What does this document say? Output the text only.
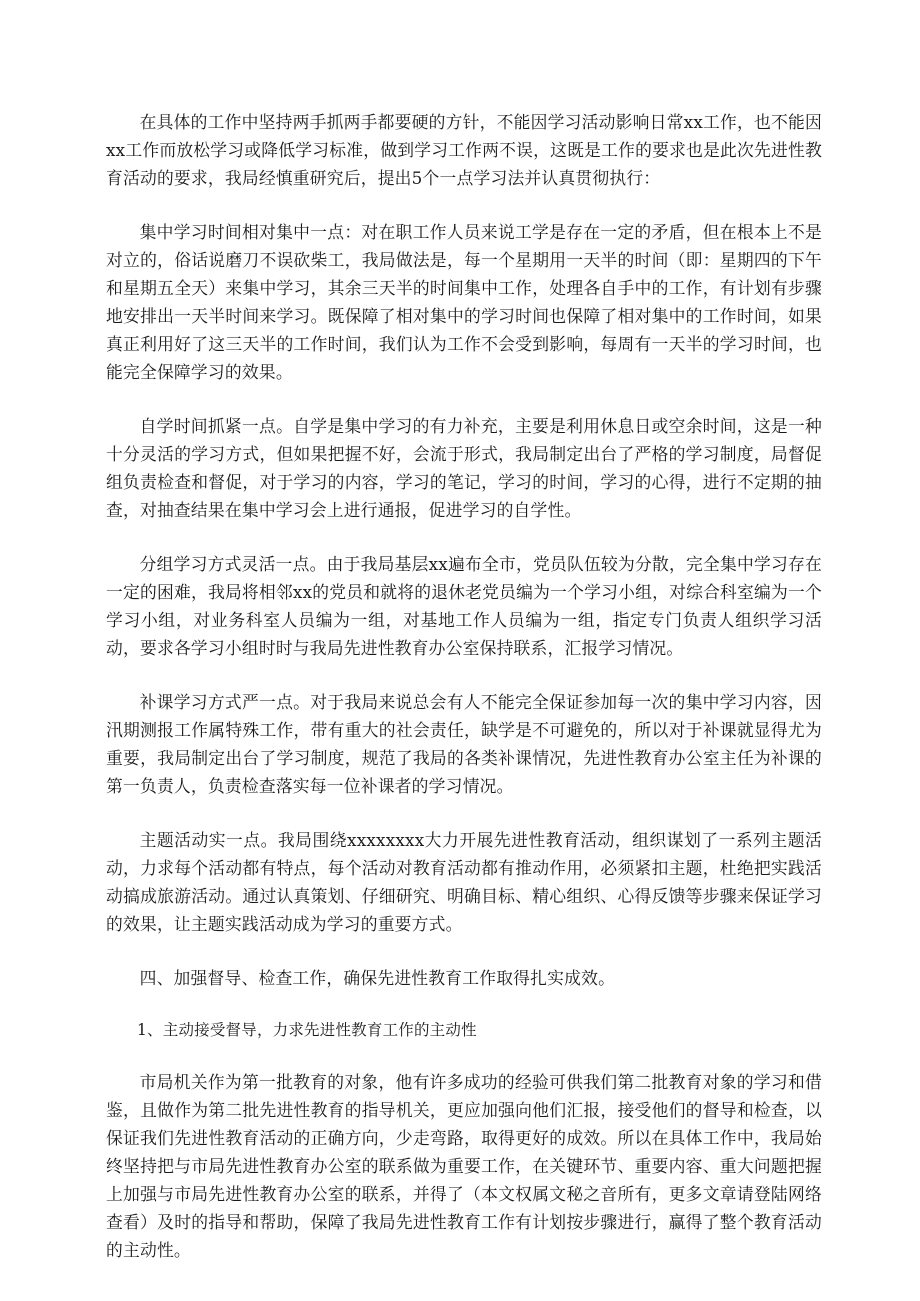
在具体的工作中坚持两手抓两手都要硬的方针，不能因学习活动影响日常xx工作，也不能因xx工作而放松学习或降低学习标准，做到学习工作两不误，这既是工作的要求也是此次先进性教育活动的要求，我局经慎重研究后，提出5个一点学习法并认真贯彻执行：

集中学习时间相对集中一点：对在职工作人员来说工学是存在一定的矛盾，但在根本上不是对立的，俗话说磨刀不误砍柴工，我局做法是，每一个星期用一天半的时间（即：星期四的下午和星期五全天）来集中学习，其余三天半的时间集中工作，处理各自手中的工作，有计划有步骤地安排出一天半时间来学习。既保障了相对集中的学习时间也保障了相对集中的工作时间，如果真正利用好了这三天半的工作时间，我们认为工作不会受到影响，每周有一天半的学习时间，也能完全保障学习的效果。

自学时间抓紧一点。自学是集中学习的有力补充，主要是利用休息日或空余时间，这是一种十分灵活的学习方式，但如果把握不好，会流于形式，我局制定出台了严格的学习制度，局督促组负责检查和督促，对于学习的内容，学习的笔记，学习的时间，学习的心得，进行不定期的抽查，对抽查结果在集中学习会上进行通报，促进学习的自学性。

分组学习方式灵活一点。由于我局基层xx遍布全市，党员队伍较为分散，完全集中学习存在一定的困难，我局将相邻xx的党员和就将的退休老党员编为一个学习小组，对综合科室编为一个学习小组，对业务科室人员编为一组，对基地工作人员编为一组，指定专门负责人组织学习活动，要求各学习小组时时与我局先进性教育办公室保持联系，汇报学习情况。

补课学习方式严一点。对于我局来说总会有人不能完全保证参加每一次的集中学习内容，因汛期测报工作属特殊工作，带有重大的社会责任，缺学是不可避免的，所以对于补课就显得尤为重要，我局制定出台了学习制度，规范了我局的各类补课情况，先进性教育办公室主任为补课的第一负责人，负责检查落实每一位补课者的学习情况。

主题活动实一点。我局围绕xxxxxxxx大力开展先进性教育活动，组织谋划了一系列主题活动，力求每个活动都有特点，每个活动对教育活动都有推动作用，必须紧扣主题，杜绝把实践活动搞成旅游活动。通过认真策划、仔细研究、明确目标、精心组织、心得反馈等步骤来保证学习的效果，让主题实践活动成为学习的重要方式。

四、加强督导、检查工作，确保先进性教育工作取得扎实成效。

1、主动接受督导，力求先进性教育工作的主动性

市局机关作为第一批教育的对象，他有许多成功的经验可供我们第二批教育对象的学习和借鉴，且做作为第二批先进性教育的指导机关，更应加强向他们汇报，接受他们的督导和检查，以保证我们先进性教育活动的正确方向，少走弯路，取得更好的成效。所以在具体工作中，我局始终坚持把与市局先进性教育办公室的联系做为重要工作，在关键环节、重要内容、重大问题把握上加强与市局先进性教育办公室的联系，并得了（本文权属文秘之音所有，更多文章请登陆网络查看）及时的指导和帮助，保障了我局先进性教育工作有计划按步骤进行，赢得了整个教育活动的主动性。
